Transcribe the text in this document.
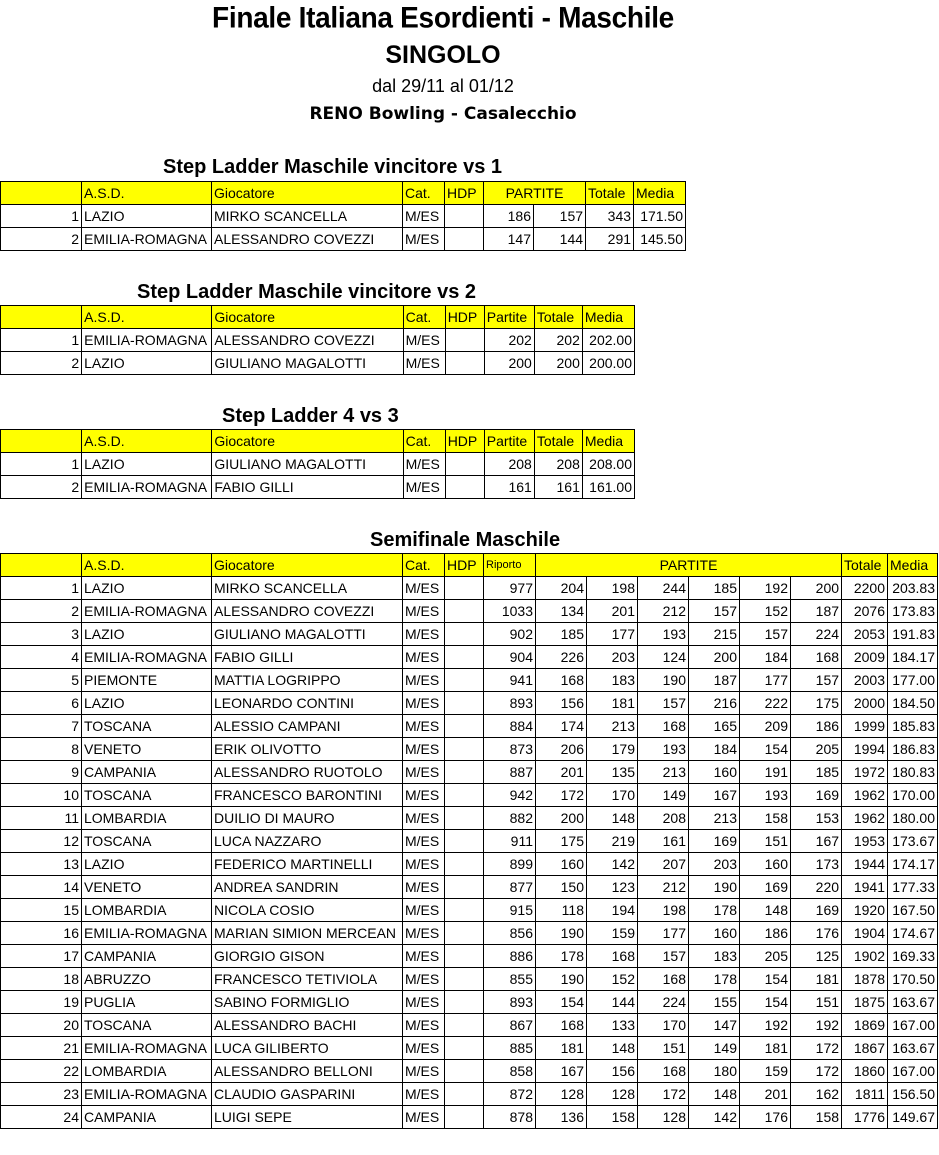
Finale Italiana Esordienti - Maschile
SINGOLO
dal 29/11 al 01/12
RENO Bowling - Casalecchio
Step Ladder Maschile vincitore vs 1
	A.S.D.	Giocatore	Cat.	HDP	PARTITE		Totale	Media
1	LAZIO	MIRKO SCANCELLA	M/ES		186	157	343	171.50
2	EMILIA-ROMAGNA	ALESSANDRO COVEZZI	M/ES		147	144	291	145.50
Step Ladder Maschile vincitore vs 2
	A.S.D.	Giocatore	Cat.	HDP	Partite	Totale	Media
1	EMILIA-ROMAGNA	ALESSANDRO COVEZZI	M/ES		202	202	202.00
2	LAZIO	GIULIANO MAGALOTTI	M/ES		200	200	200.00
Step Ladder 4 vs 3
	A.S.D.	Giocatore	Cat.	HDP	Partite	Totale	Media
1	LAZIO	GIULIANO MAGALOTTI	M/ES		208	208	208.00
2	EMILIA-ROMAGNA	FABIO GILLI	M/ES		161	161	161.00
Semifinale Maschile
	A.S.D.	Giocatore	Cat.	HDP	Riporto	PARTITE						Totale	Media
1	LAZIO	MIRKO SCANCELLA	M/ES		977	204	198	244	185	192	200	2200	203.83
2	EMILIA-ROMAGNA	ALESSANDRO COVEZZI	M/ES		1033	134	201	212	157	152	187	2076	173.83
3	LAZIO	GIULIANO MAGALOTTI	M/ES		902	185	177	193	215	157	224	2053	191.83
4	EMILIA-ROMAGNA	FABIO GILLI	M/ES		904	226	203	124	200	184	168	2009	184.17
5	PIEMONTE	MATTIA LOGRIPPO	M/ES		941	168	183	190	187	177	157	2003	177.00
6	LAZIO	LEONARDO CONTINI	M/ES		893	156	181	157	216	222	175	2000	184.50
7	TOSCANA	ALESSIO CAMPANI	M/ES		884	174	213	168	165	209	186	1999	185.83
8	VENETO	ERIK OLIVOTTO	M/ES		873	206	179	193	184	154	205	1994	186.83
9	CAMPANIA	ALESSANDRO RUOTOLO	M/ES		887	201	135	213	160	191	185	1972	180.83
10	TOSCANA	FRANCESCO BARONTINI	M/ES		942	172	170	149	167	193	169	1962	170.00
11	LOMBARDIA	DUILIO DI MAURO	M/ES		882	200	148	208	213	158	153	1962	180.00
12	TOSCANA	LUCA NAZZARO	M/ES		911	175	219	161	169	151	167	1953	173.67
13	LAZIO	FEDERICO MARTINELLI	M/ES		899	160	142	207	203	160	173	1944	174.17
14	VENETO	ANDREA SANDRIN	M/ES		877	150	123	212	190	169	220	1941	177.33
15	LOMBARDIA	NICOLA COSIO	M/ES		915	118	194	198	178	148	169	1920	167.50
16	EMILIA-ROMAGNA	MARIAN SIMION MERCEAN	M/ES		856	190	159	177	160	186	176	1904	174.67
17	CAMPANIA	GIORGIO GISON	M/ES		886	178	168	157	183	205	125	1902	169.33
18	ABRUZZO	FRANCESCO TETIVIOLA	M/ES		855	190	152	168	178	154	181	1878	170.50
19	PUGLIA	SABINO FORMIGLIO	M/ES		893	154	144	224	155	154	151	1875	163.67
20	TOSCANA	ALESSANDRO BACHI	M/ES		867	168	133	170	147	192	192	1869	167.00
21	EMILIA-ROMAGNA	LUCA GILIBERTO	M/ES		885	181	148	151	149	181	172	1867	163.67
22	LOMBARDIA	ALESSANDRO BELLONI	M/ES		858	167	156	168	180	159	172	1860	167.00
23	EMILIA-ROMAGNA	CLAUDIO GASPARINI	M/ES		872	128	128	172	148	201	162	1811	156.50
24	CAMPANIA	LUIGI SEPE	M/ES		878	136	158	128	142	176	158	1776	149.67
